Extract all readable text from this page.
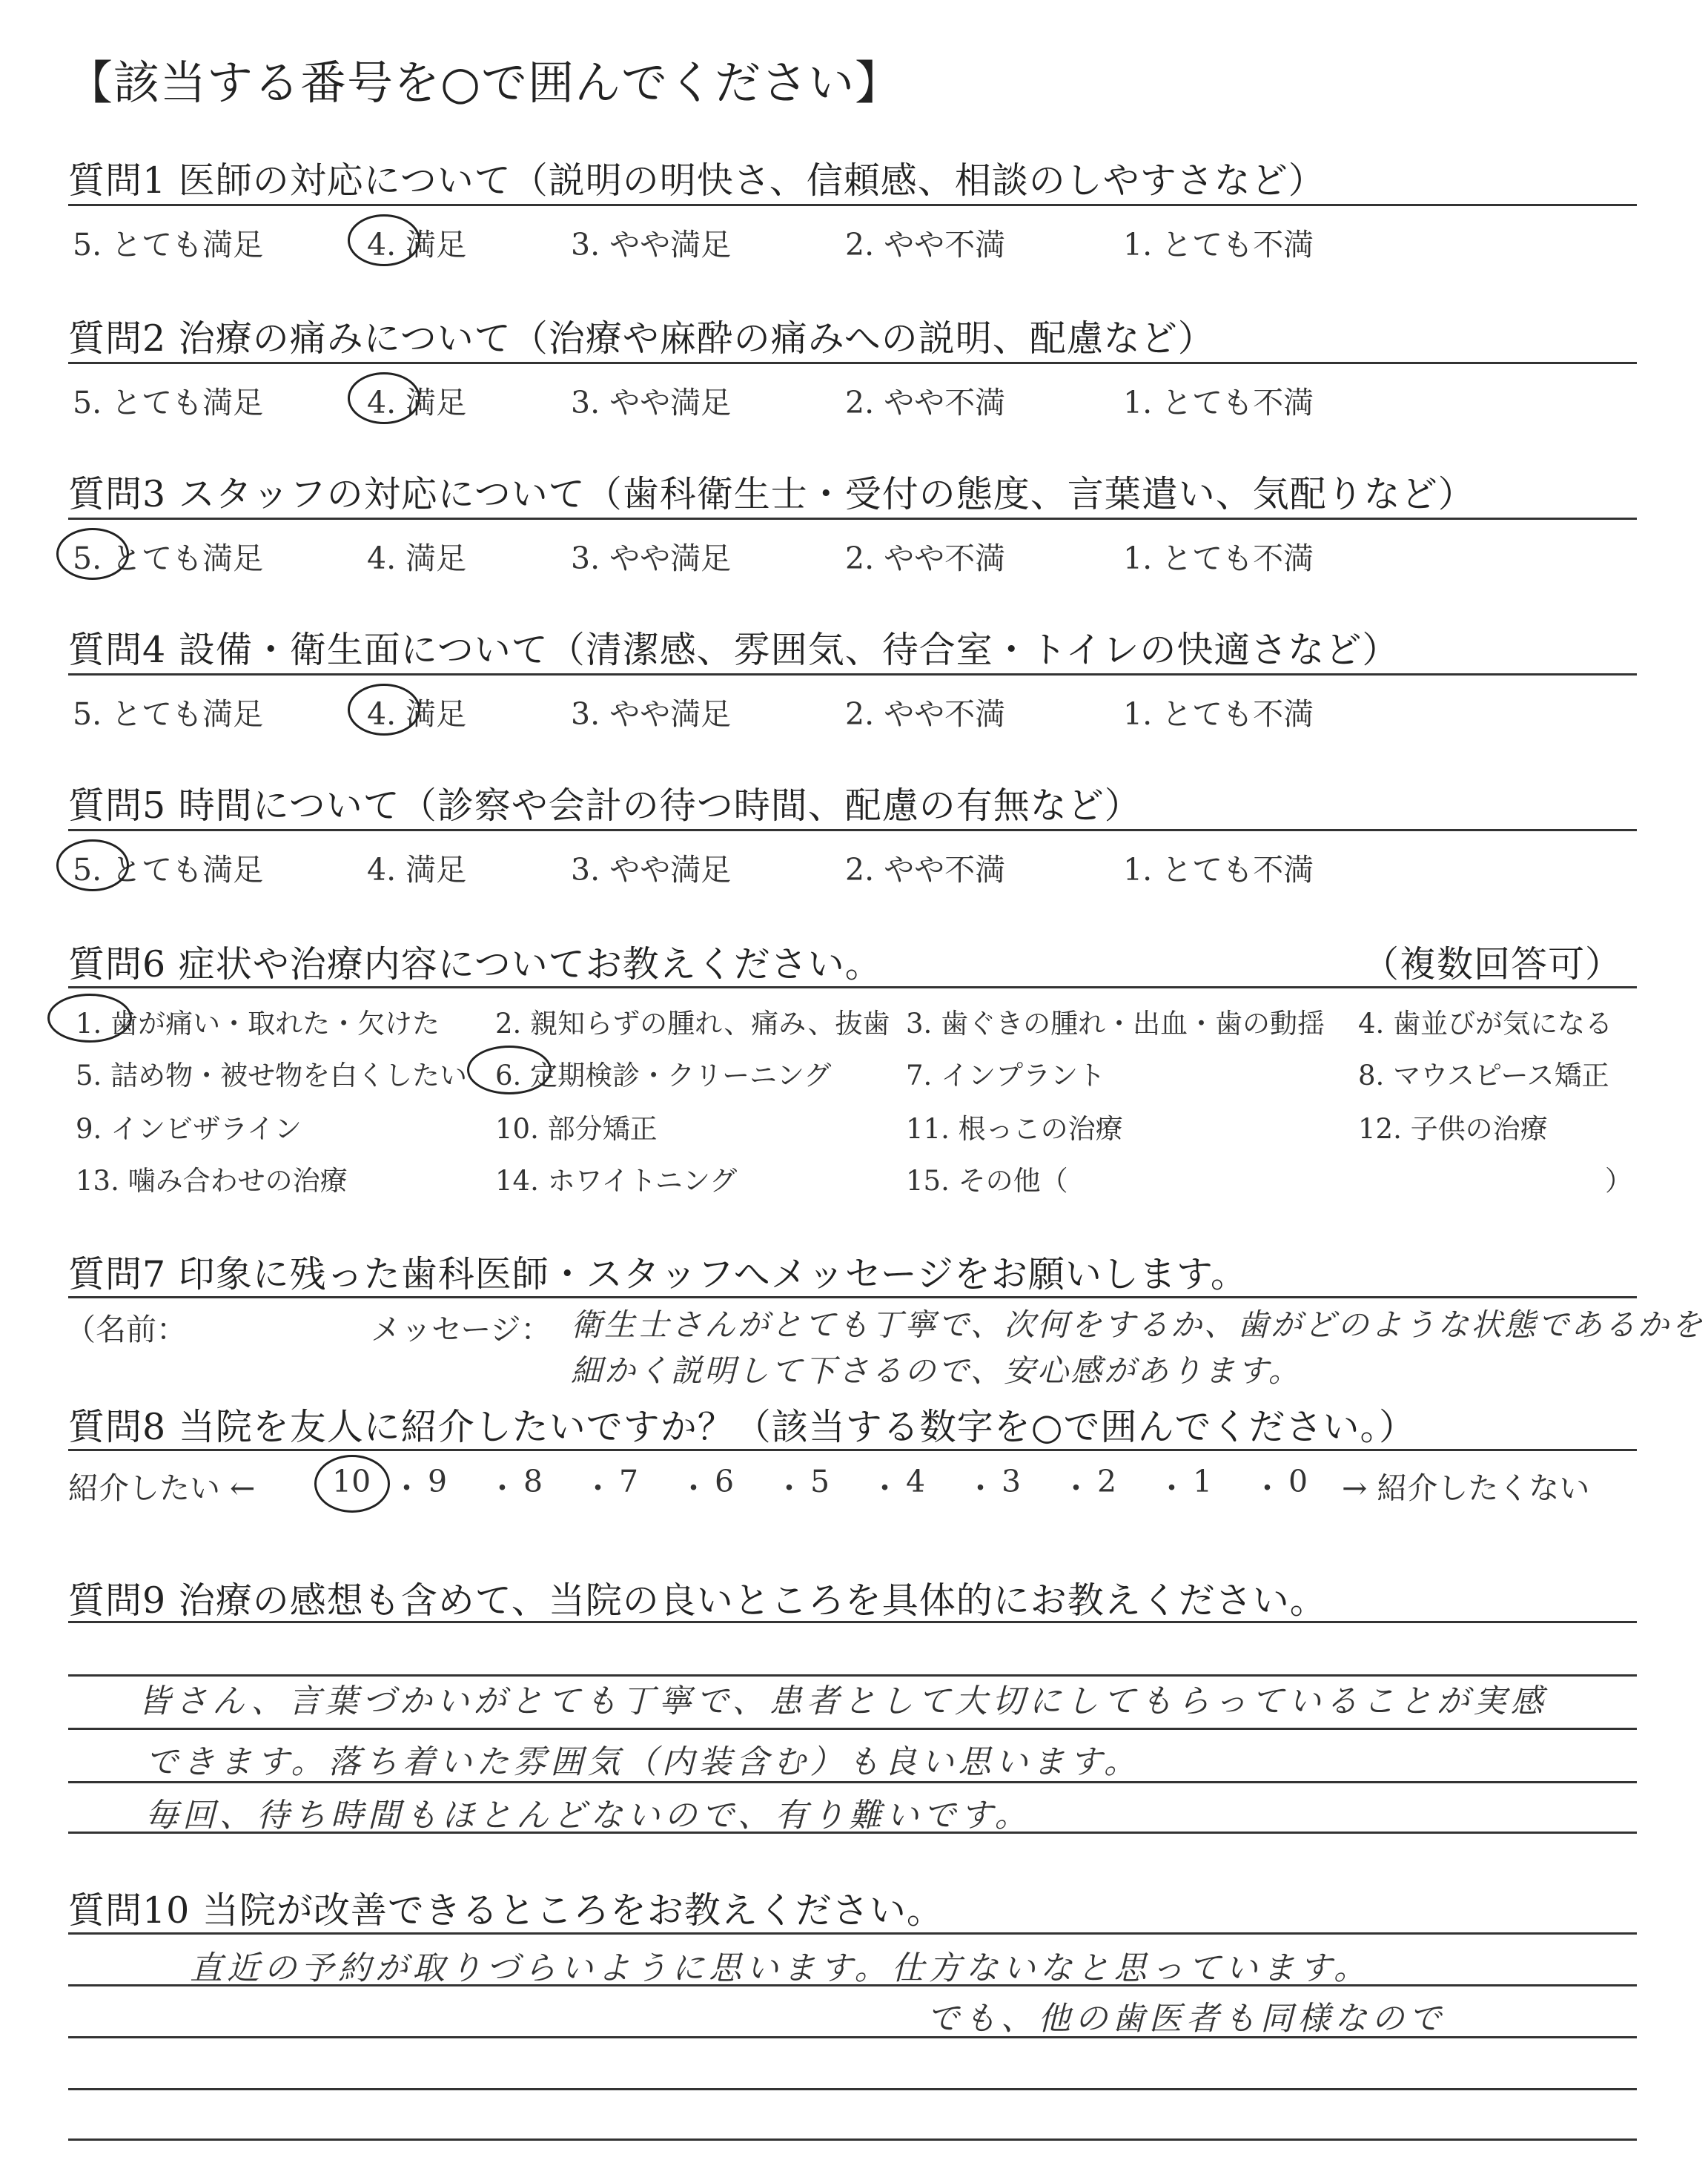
【該当する番号を○で囲んでください】
質問1 医師の対応について（説明の明快さ、信頼感、相談のしやすさなど）
5. とても満足	4. 満足	3. やや満足	2. やや不満	1. とても不満
質問2 治療の痛みについて（治療や麻酔の痛みへの説明、配慮など）
5. とても満足	4. 満足	3. やや満足	2. やや不満	1. とても不満
質問3 スタッフの対応について（歯科衛生士・受付の態度、言葉遣い、気配りなど）
5. とても満足	4. 満足	3. やや満足	2. やや不満	1. とても不満
質問4 設備・衛生面について（清潔感、雰囲気、待合室・トイレの快適さなど）
5. とても満足	4. 満足	3. やや満足	2. やや不満	1. とても不満
質問5 時間について（診察や会計の待つ時間、配慮の有無など）
5. とても満足	4. 満足	3. やや満足	2. やや不満	1. とても不満
質問6 症状や治療内容についてお教えください。	（複数回答可）
1. 歯が痛い・取れた・欠けた 2. 親知らずの腫れ、痛み、抜歯 3. 歯ぐきの腫れ・出血・歯の動揺 4. 歯並びが気になる
5. 詰め物・被せ物を白くしたい 6. 定期検診・クリーニング	7. インプラント	8. マウスピース矯正
9. インビザライン	10. 部分矯正	11. 根っこの治療	12. 子供の治療
13. 噛み合わせの治療	14. ホワイトニング	15. その他（	）
質問7 印象に残った歯科医師・スタッフへメッセージをお願いします。
（名前：	メッセージ： 衛生士さんがとても丁寧で、次何をするか、歯がどのような状態であるかを
細かく説明して下さるので、安心感があります。
質問8 当院を友人に紹介したいですか？（該当する数字を○で囲んでください。）
紹介したい ←	10 ・ 9 ・ 8 ・ 7 ・ 6 ・ 5 ・ 4 ・ 3 ・ 2 ・ 1 ・ 0 → 紹介したくない
質問9 治療の感想も含めて、当院の良いところを具体的にお教えください。
皆さん、言葉づかいがとても丁寧で、患者として大切にしてもらっていることが実感
できます。落ち着いた雰囲気（内装含む）も良い思います。
毎回、待ち時間もほとんどないので、有り難いです。
質問10 当院が改善できるところをお教えください。
直近の予約が取りづらいように思います。仕方ないなと思っています。
でも、他の歯医者も同様なので
